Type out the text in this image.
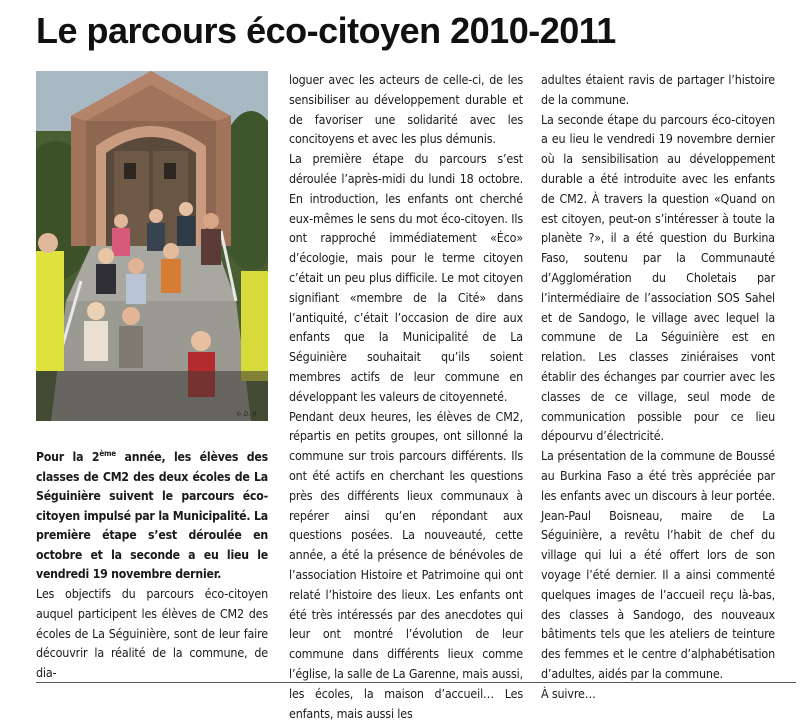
Le parcours éco-citoyen 2010-2011
© D. R.

Pour la 2ème année, les élèves des classes de CM2 des deux écoles de La Séguinière suivent le parcours éco-citoyen impulsé par la Municipalité. La première étape s’est déroulée en octobre et la seconde a eu lieu le vendredi 19 novembre dernier.

Les objectifs du parcours éco-citoyen auquel participent les élèves de CM2 des écoles de La Séguinière, sont de leur faire découvrir la réalité de la commune, de dia-

loguer avec les acteurs de celle-ci, de les sensibiliser au développement durable et de favoriser une solidarité avec les concitoyens et avec les plus démunis.

La première étape du parcours s’est déroulée l’après-midi du lundi 18 octobre. En introduction, les enfants ont cherché eux-mêmes le sens du mot éco-citoyen. Ils ont rapproché immédiatement «Éco» d’écologie, mais pour le terme citoyen c’était un peu plus difficile. Le mot citoyen signifiant «membre de la Cité» dans l’antiquité, c’était l’occasion de dire aux enfants que la Municipalité de La Séguinière souhaitait qu’ils soient membres actifs de leur commune en développant les valeurs de citoyenneté.

Pendant deux heures, les élèves de CM2, répartis en petits groupes, ont sillonné la commune sur trois parcours différents. Ils ont été actifs en cherchant les questions près des différents lieux communaux à repérer ainsi qu’en répondant aux questions posées. La nouveauté, cette année, a été la présence de bénévoles de l’association Histoire et Patrimoine qui ont relaté l’histoire des lieux. Les enfants ont été très intéressés par des anecdotes qui leur ont montré l’évolution de leur commune dans différents lieux comme l’église, la salle de La Garenne, mais aussi, les écoles, la maison d’accueil… Les enfants, mais aussi les

adultes étaient ravis de partager l’histoire de la commune.

La seconde étape du parcours éco-citoyen a eu lieu le vendredi 19 novembre dernier où la sensibilisation au développement durable a été introduite avec les enfants de CM2. À travers la question «Quand on est citoyen, peut-on s’intéresser à toute la planète ?», il a été question du Burkina Faso, soutenu par la Communauté d’Agglomération du Choletais par l’intermédiaire de l’association SOS Sahel et de Sandogo, le village avec lequel la commune de La Séguinière est en relation. Les classes ziniéraises vont établir des échanges par courrier avec les classes de ce village, seul mode de communication possible pour ce lieu dépourvu d’électricité.

La présentation de la commune de Boussé au Burkina Faso a été très appréciée par les enfants avec un discours à leur portée. Jean-Paul Boisneau, maire de La Séguinière, a revêtu l’habit de chef du village qui lui a été offert lors de son voyage l’été dernier. Il a ainsi commenté quelques images de l’accueil reçu là-bas, des classes à Sandogo, des nouveaux bâtiments tels que les ateliers de teinture des femmes et le centre d’alphabétisation d’adultes, aidés par la commune.

À suivre…
